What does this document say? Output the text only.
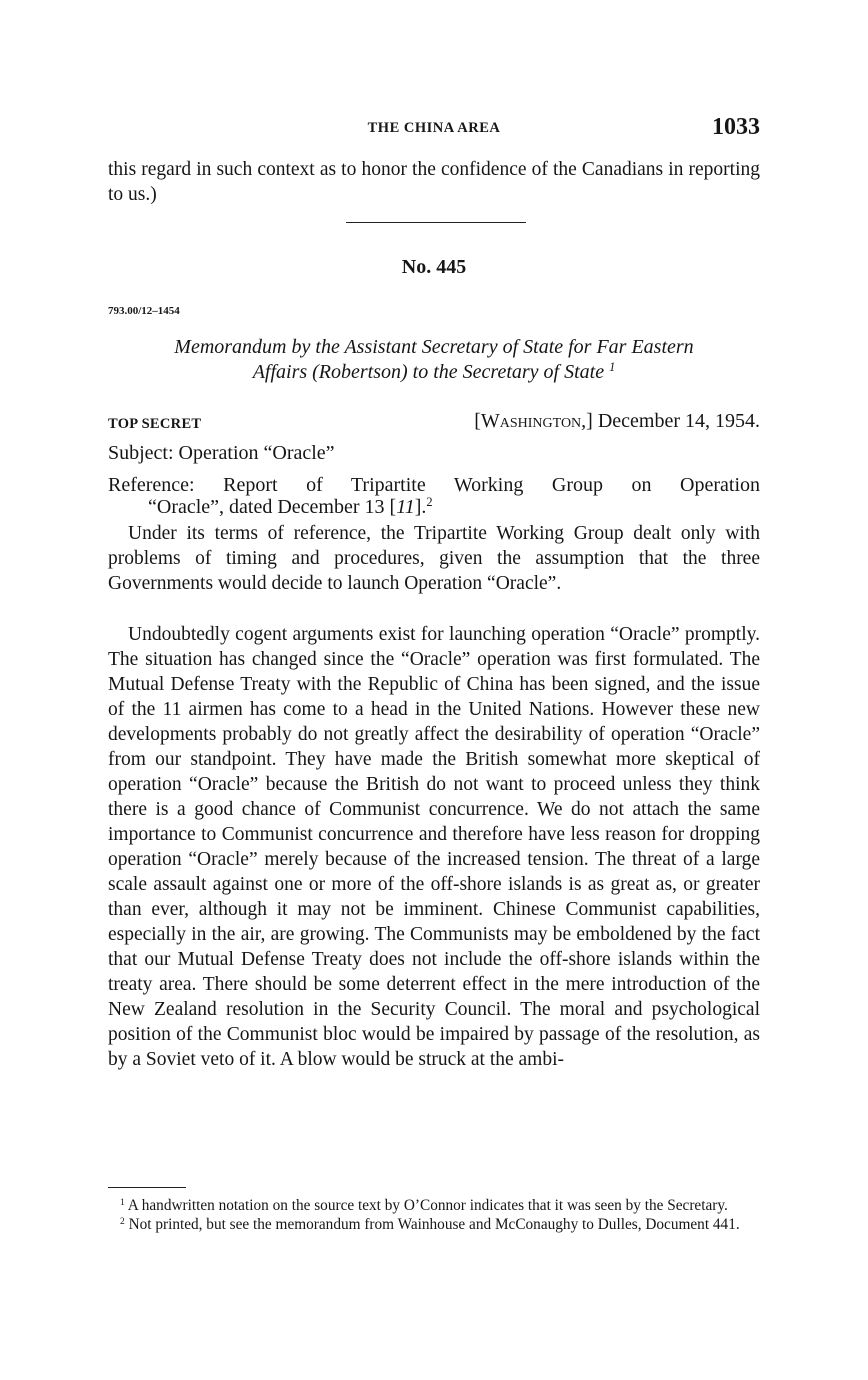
THE CHINA AREA	1033

this regard in such context as to honor the confidence of the Canadians in reporting to us.)

No. 445
793.00/12–1454
Memorandum by the Assistant Secretary of State for Far Eastern
Affairs (Robertson) to the Secretary of State $^1$
TOP SECRET	[Washington,] December 14, 1954.
Subject: Operation “Oracle”
Reference: Report of Tripartite Working Group on Operation
“Oracle”, dated December 13 [11].$^2$

Under its terms of reference, the Tripartite Working Group dealt only with problems of timing and procedures, given the assumption that the three Governments would decide to launch Operation “Oracle”.

Undoubtedly cogent arguments exist for launching operation “Oracle” promptly. The situation has changed since the “Oracle” operation was first formulated. The Mutual Defense Treaty with the Republic of China has been signed, and the issue of the 11 airmen has come to a head in the United Nations. However these new developments probably do not greatly affect the desirability of operation “Oracle” from our standpoint. They have made the British somewhat more skeptical of operation “Oracle” because the British do not want to proceed unless they think there is a good chance of Communist concurrence. We do not attach the same importance to Communist concurrence and therefore have less reason for dropping operation “Oracle” merely because of the increased tension. The threat of a large scale assault against one or more of the off-shore islands is as great as, or greater than ever, although it may not be imminent. Chinese Communist capabilities, especially in the air, are growing. The Communists may be emboldened by the fact that our Mutual Defense Treaty does not include the off-shore islands within the treaty area. There should be some deterrent effect in the mere introduction of the New Zealand resolution in the Security Council. The moral and psychological position of the Communist bloc would be impaired by passage of the resolution, as by a Soviet veto of it. A blow would be struck at the ambi-

$^1$ A handwritten notation on the source text by O’Connor indicates that it was seen by the Secretary.

$^2$ Not printed, but see the memorandum from Wainhouse and McConaughy to Dulles, Document 441.
